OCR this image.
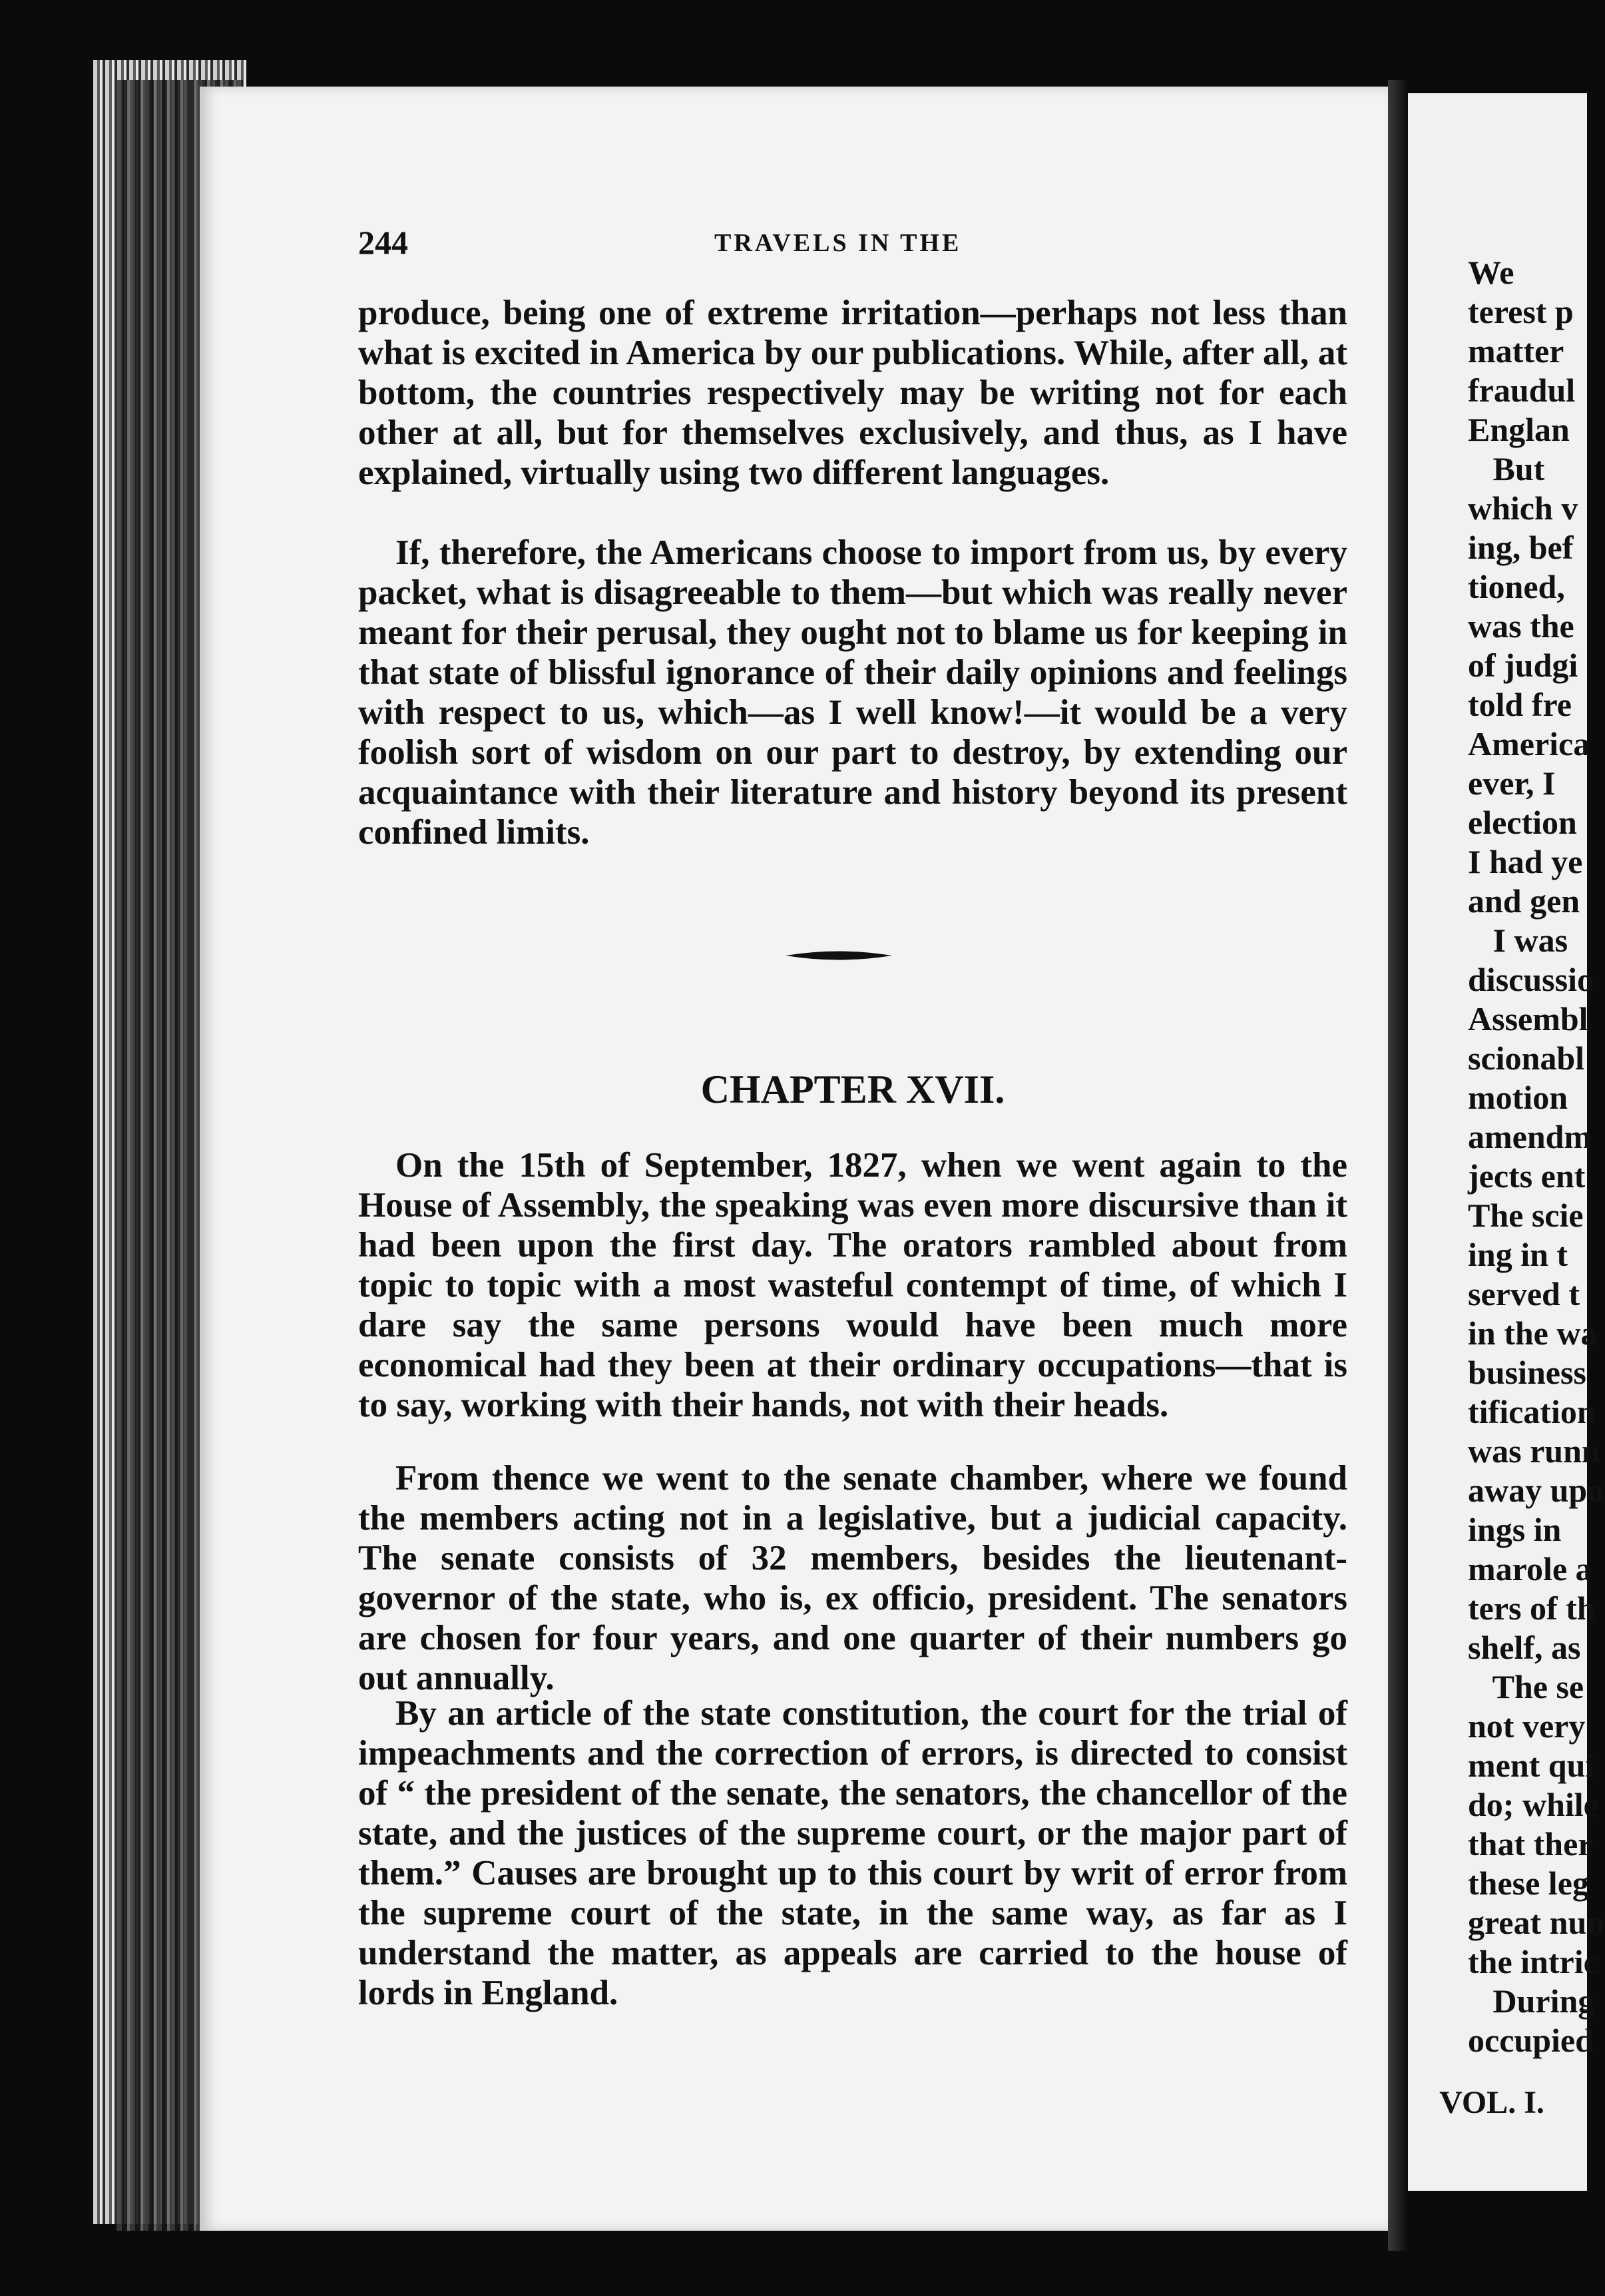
244	TRAVELS IN THE

produce, being one of extreme irritation—perhaps not less than what is excited in America by our publications. While, after all, at bottom, the countries respectively may be writing not for each other at all, but for themselves exclusively, and thus, as I have explained, virtually using two different languages.

If, therefore, the Americans choose to import from us, by every packet, what is disagreeable to them—but which was really never meant for their perusal, they ought not to blame us for keeping in that state of blissful ignorance of their daily opinions and feelings with respect to us, which—as I well know!—it would be a very foolish sort of wisdom on our part to destroy, by extending our acquaintance with their literature and history beyond its present confined limits.

CHAPTER XVII.

On the 15th of September, 1827, when we went again to the House of Assembly, the speaking was even more discursive than it had been upon the first day. The orators rambled about from topic to topic with a most wasteful contempt of time, of which I dare say the same persons would have been much more economical had they been at their ordinary occupations—that is to say, working with their hands, not with their heads.

From thence we went to the senate chamber, where we found the members acting not in a legislative, but a judicial capacity. The senate consists of 32 members, besides the lieutenant-governor of the state, who is, ex officio, president. The senators are chosen for four years, and one quarter of their numbers go out annually.

By an article of the state constitution, the court for the trial of impeachments and the correction of errors, is directed to consist of “ the president of the senate, the senators, the chancellor of the state, and the justices of the supreme court, or the major part of them.” Causes are brought up to this court by writ of error from the supreme court of the state, in the same way, as far as I understand the matter, as appeals are carried to the house of lords in England.

We
terest p
matter
fraudul
Englan
But
which v
ing, bef
tioned,
was the
of judgi
told fre
America
ever, I
election
I had ye
and gen
I was
discussio
Assembl
scionabl
motion
amendm
jects ent
The scie
ing in t
served t
in the wa
business
tification
was runn
away upo
ings in
marole a
ters of th
shelf, as
The se
not very
ment qui
do; while
that ther
these leg
great nun
the intric
During
occupied
VOL. I.
